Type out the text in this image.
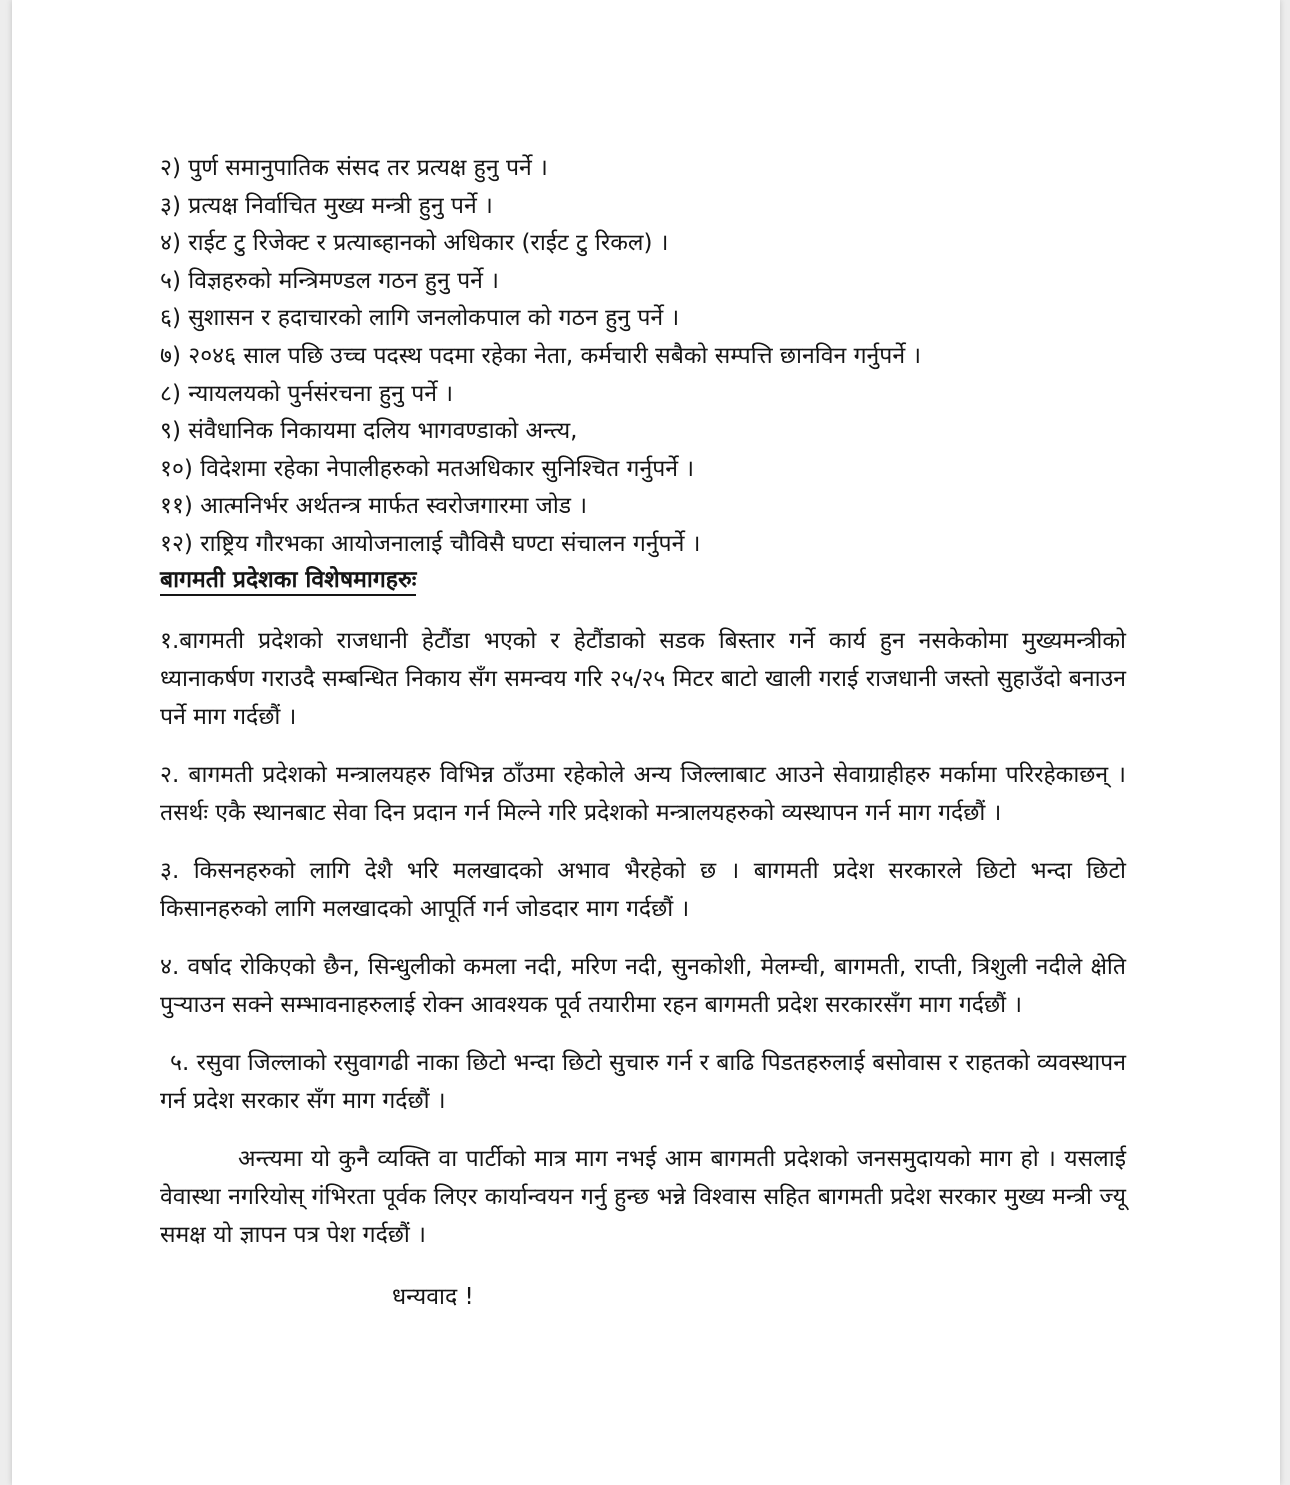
२) पुर्ण समानुपातिक संसद तर प्रत्यक्ष हुनु पर्ने ।
३) प्रत्यक्ष निर्वाचित मुख्य मन्त्री हुनु पर्ने ।
४) राईट टु रिजेक्ट र प्रत्याब्हानको अधिकार (राईट टु रिकल) ।
५) विज्ञहरुको मन्त्रिमण्डल गठन हुनु पर्ने ।
६) सुशासन र हदाचारको लागि जनलोकपाल को गठन हुनु पर्ने ।
७) २०४६ साल पछि उच्च पदस्थ पदमा रहेका नेता, कर्मचारी सबैको सम्पत्ति छानविन गर्नुपर्ने ।
८) न्यायलयको पुर्नसंरचना हुनु पर्ने ।
९) संवैधानिक निकायमा दलिय भागवण्डाको अन्त्य,
१०) विदेशमा रहेका नेपालीहरुको मतअधिकार सुनिश्चित गर्नुपर्ने ।
११) आत्मनिर्भर अर्थतन्त्र मार्फत स्वरोजगारमा जोड ।
१२) राष्ट्रिय गौरभका आयोजनालाई चौविसै घण्टा संचालन गर्नुपर्ने ।
बागमती प्रदेशका विशेषमागहरुः

१.बागमती प्रदेशको राजधानी हेटौंडा भएको र हेटौंडाको सडक बिस्तार गर्ने कार्य हुन नसकेकोमा मुख्यमन्त्रीको ध्यानाकर्षण गराउदै सम्बन्धित निकाय सँग समन्वय गरि २५/२५ मिटर बाटो खाली गराई राजधानी जस्तो सुहाउँदो बनाउन पर्ने माग गर्दछौं ।

२. बागमती प्रदेशको मन्त्रालयहरु विभिन्न ठाँउमा रहेकोले अन्य जिल्लाबाट आउने सेवाग्राहीहरु मर्कामा परिरहेकाछन् । तसर्थः एकै स्थानबाट सेवा दिन प्रदान गर्न मिल्ने गरि प्रदेशको मन्त्रालयहरुको व्यस्थापन गर्न माग गर्दछौं ।

३. किसनहरुको लागि देशै भरि मलखादको अभाव भैरहेको छ । बागमती प्रदेश सरकारले छिटो भन्दा छिटो किसानहरुको लागि मलखादको आपूर्ति गर्न जोडदार माग गर्दछौं ।

४. वर्षाद रोकिएको छैन, सिन्धुलीको कमला नदी, मरिण नदी, सुनकोशी, मेलम्ची, बागमती, राप्ती, त्रिशुली नदीले क्षेति पुऱ्याउन सक्ने सम्भावनाहरुलाई रोक्न आवश्यक पूर्व तयारीमा रहन बागमती प्रदेश सरकारसँग माग गर्दछौं ।

५. रसुवा जिल्लाको रसुवागढी नाका छिटो भन्दा छिटो सुचारु गर्न र बाढि पिडतहरुलाई बसोवास र राहतको व्यवस्थापन गर्न प्रदेश सरकार सँग माग गर्दछौं ।

अन्त्यमा यो कुनै व्यक्ति वा पार्टीको मात्र माग नभई आम बागमती प्रदेशको जनसमुदायको माग हो । यसलाई वेवास्था नगरियोस् गंभिरता पूर्वक लिएर कार्यान्वयन गर्नु हुन्छ भन्ने विश्वास सहित बागमती प्रदेश सरकार मुख्य मन्त्री ज्यू समक्ष यो ज्ञापन पत्र पेश गर्दछौं ।

धन्यवाद !
